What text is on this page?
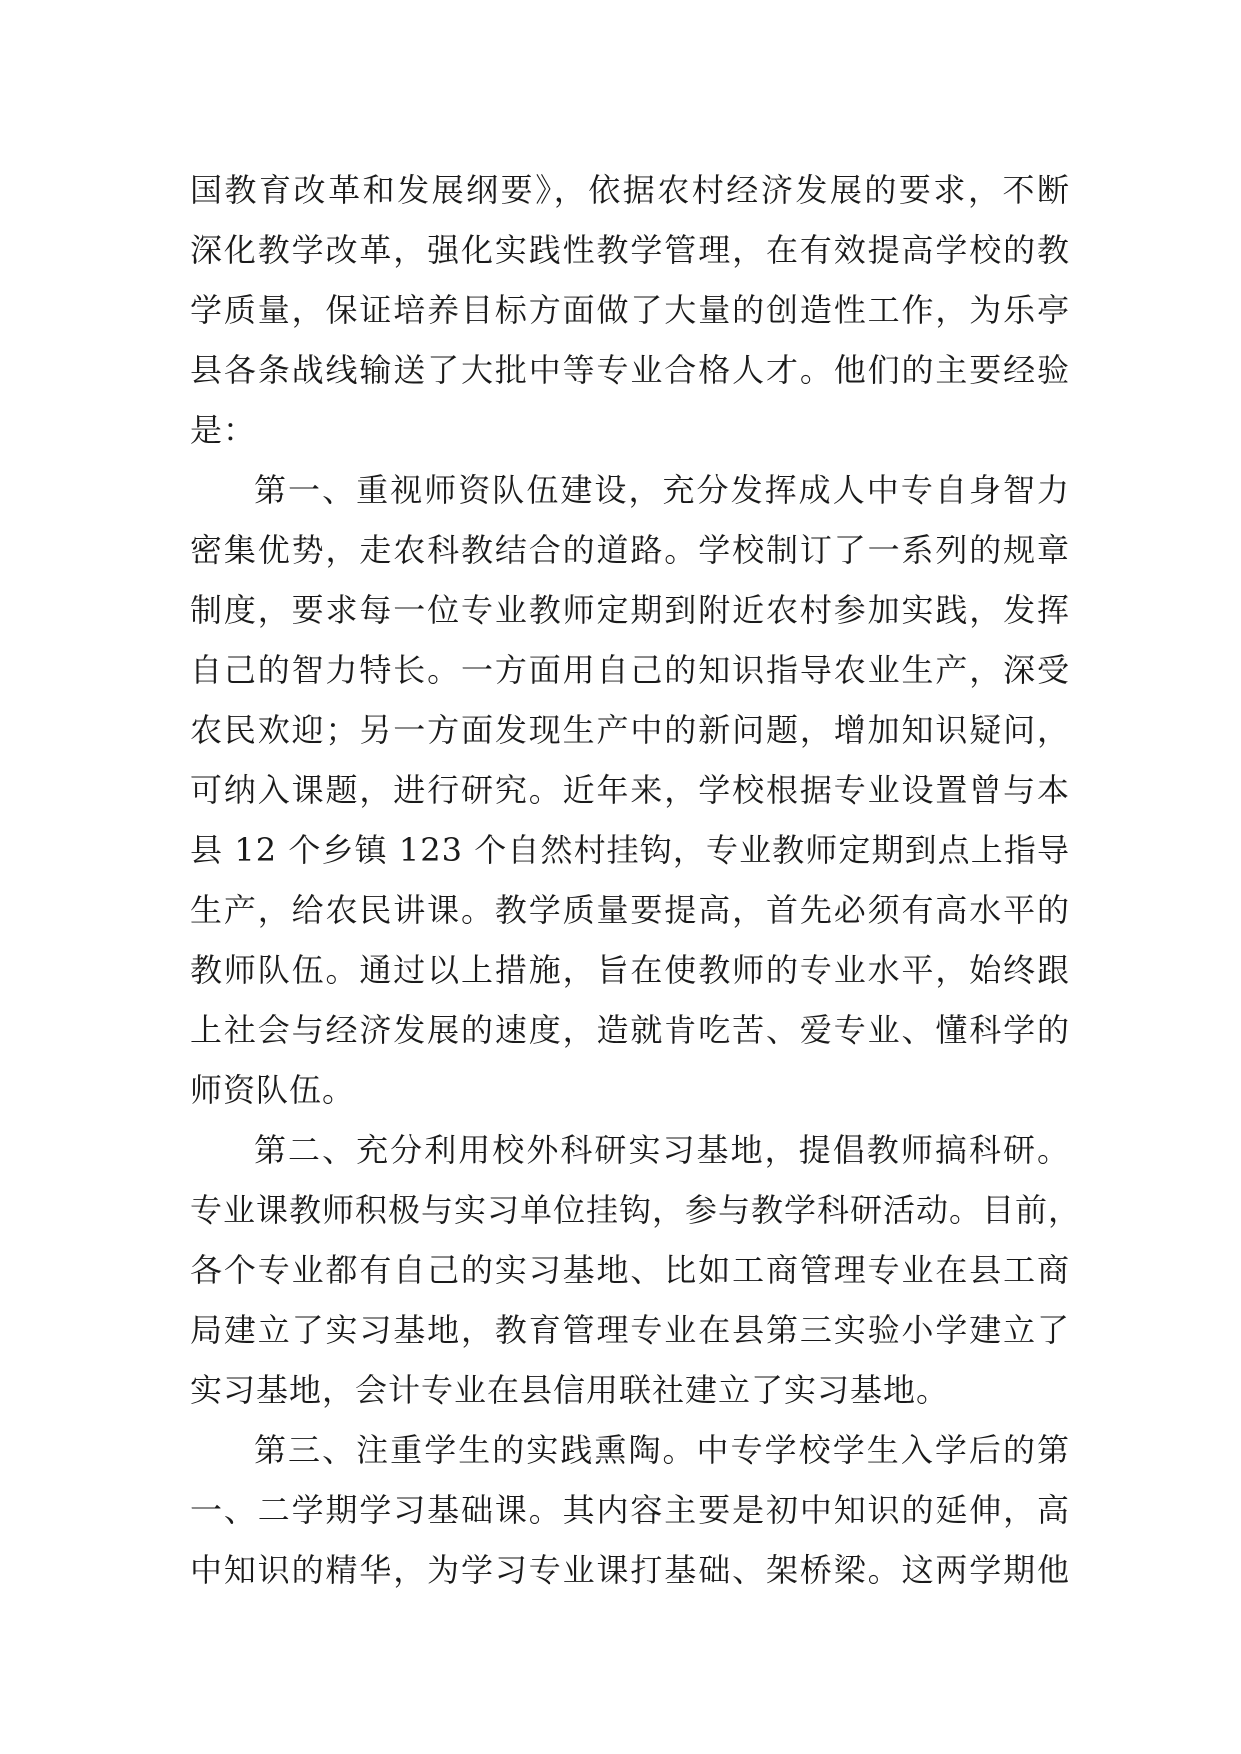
国教育改革和发展纲要》，依据农村经济发展的要求，不断
深化教学改革，强化实践性教学管理，在有效提高学校的教
学质量，保证培养目标方面做了大量的创造性工作，为乐亭
县各条战线输送了大批中等专业合格人才。他们的主要经验
是：
第一、重视师资队伍建设，充分发挥成人中专自身智力
密集优势，走农科教结合的道路。学校制订了一系列的规章
制度，要求每一位专业教师定期到附近农村参加实践，发挥
自己的智力特长。一方面用自己的知识指导农业生产，深受
农民欢迎；另一方面发现生产中的新问题，增加知识疑问，
可纳入课题，进行研究。近年来，学校根据专业设置曾与本
县 12 个乡镇 123 个自然村挂钩，专业教师定期到点上指导
生产，给农民讲课。教学质量要提高，首先必须有高水平的
教师队伍。通过以上措施，旨在使教师的专业水平，始终跟
上社会与经济发展的速度，造就肯吃苦、爱专业、懂科学的
师资队伍。
第二、充分利用校外科研实习基地，提倡教师搞科研。
专业课教师积极与实习单位挂钩，参与教学科研活动。目前，
各个专业都有自己的实习基地、比如工商管理专业在县工商
局建立了实习基地，教育管理专业在县第三实验小学建立了
实习基地，会计专业在县信用联社建立了实习基地。
第三、注重学生的实践熏陶。中专学校学生入学后的第
一、二学期学习基础课。其内容主要是初中知识的延伸，高
中知识的精华，为学习专业课打基础、架桥梁。这两学期他
